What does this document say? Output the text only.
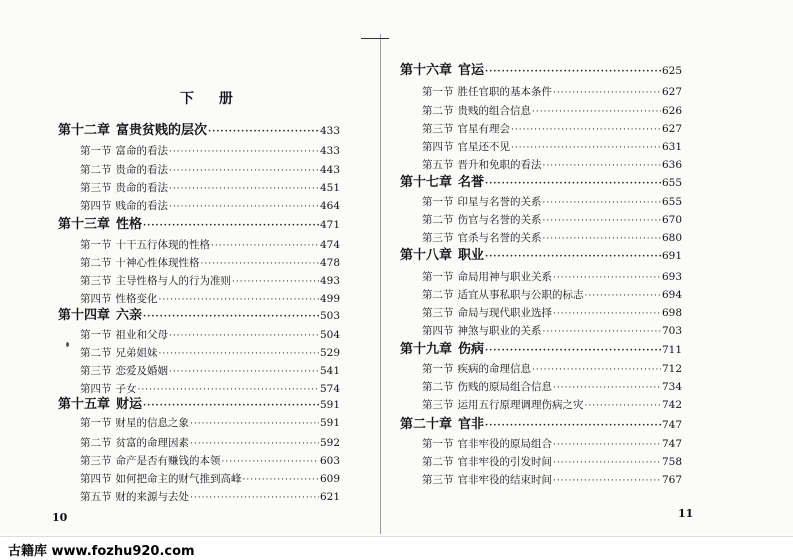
下 册
第十二章 富贵贫贱的层次 ·····	433
第一节 富命的看法 ·····	433
第二节 贵命的看法 ·····	443
第三节 贵命的看法 ·····	451
第四节 贱命的看法 ·····	464
第十三章 性格 ·····	471
第一节 十干五行体现的性格 ·····	474
第二节 十神心性体现性格 ·····	478
第三节 主导性格与人的行为准则 ·····	493
第四节 性格变化 ·····	499
第十四章 六亲 ·····	503
第一节 祖业和父母 ·····	504
第二节 兄弟姐妹 ·····	529
第三节 恋爱及婚姻 ·····	541
第四节 子女 ·····	574
第十五章 财运 ·····	591
第一节 财星的信息之象 ·····	591
第二节 贫富的命理因素 ·····	592
第三节 命产是否有赚钱的本领 ·····	603
第四节 如何把命主的财气推到高峰 ·····	609
第五节 财的来源与去处 ·····	621
10
第十六章 官运 ·····	625
第一节 胜任官职的基本条件 ·····	627
第二节 贵贱的组合信息 ·····	626
第三节 官星有理会 ·····	627
第四节 官星还不见 ·····	631
第五节 晋升和免职的看法 ·····	636
第十七章 名誉 ·····	655
第一节 印星与名誉的关系 ·····	655
第二节 伤官与名誉的关系 ·····	670
第三节 官杀与名誉的关系 ·····	680
第十八章 职业 ·····	691
第一节 命局用神与职业关系 ·····	693
第二节 适宜从事私职与公职的标志 ·····	694
第三节 命局与现代职业选择 ·····	698
第四节 神煞与职业的关系 ·····	703
第十九章 伤病 ·····	711
第一节 疾病的命理信息 ·····	712
第二节 伤贱的原局组合信息 ·····	734
第三节 运用五行原理调理伤病之灾 ·····	742
第二十章 官非 ·····	747
第一节 官非牢役的原局组合 ·····	747
第二节 官非牢役的引发时间 ·····	758
第三节 官非牢役的结束时间 ·····	767
11
古籍库 www.fozhu920.com
